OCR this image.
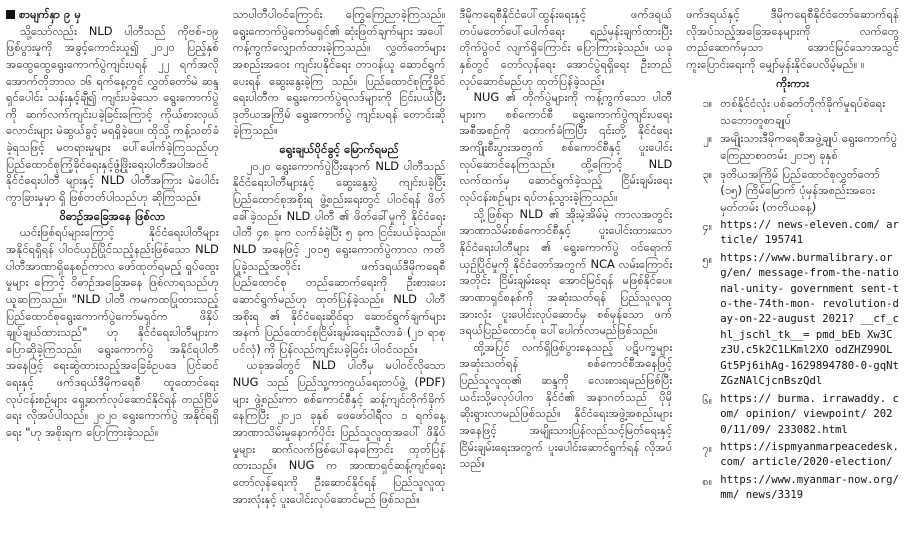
စာမျက်နှာ ၉ မှ

သို့သော်လည်း NLD ပါတီသည် ကိုဗစ်-၁၉ ဖြစ်ပွားမှုကို အခွင့်ကောင်းယူ၍ ၂၀၂၀ ပြည့်နှစ် အထွေထွေရွေးကောက်ပွဲကျင်းပရန် ၂၂ ရက်အလို အောက်တိုဘာလ ၁၆ ရက်နေ့တွင် လွှတ်တော်မဲ ဆန္ဒရှင်ပေါင်း သန်းနှင့်ချီ၍ ကျင်းပခဲ့သော ရွေးကောက်ပွဲကို ဆက်လက်ကျင်းပခဲ့ခြင်းကြောင့် ကိုယ်စားလှယ်လောင်းများ မဲဆွယ်ခွင့် မရရှိခဲ့ပေ။ ထိုသို့ ကန့်သတ်ခံခဲ့ရသဖြင့် မတရားမှုများ ပေါ်ပေါက်ခဲ့ကြသည်ဟု ပြည်ထောင်စုကြံ့ခိုင်ရေးနှင့်ဖွံ့ဖြိုးရေးပါတီအပါအဝင် နိုင်ငံရေးပါတီ များနှင့် NLD ပါတီအကြား မဲပေါင်း ကွာခြားမှုမှာ ရှိ ဖြစ်တတ်ပါသည်ဟု ဆိုကြသည်။

ဝိဓာဉ်အခြေအနေ ဖြစ်လာ

ယင်းဖြစ်ရပ်များကြောင့် နိုင်ငံရေးပါတီများ အနိုင်ရရှိရန် ပါဝင်ယှဉ်ပြိုင်သည့်နည်းဖြစ်သော NLD ပါတီအာဏာရှိနေစဉ်ကာလ ဖော်ထုတ်ရမည့် ရှုပ်ထွေးမှုများ ကြောင့် ဝိဓာဉ်အခြေအနေ ဖြစ်လာရသည်ဟု ယူဆကြသည်။ "NLD ပါတီ ကမကထပြုထားသည့် ပြည်ထောင်စုရွေးကောက်ပွဲကော်မရှင်က ဖိနှိပ်ချုပ်ချယ်ထားသည်" ဟု နိုင်ငံရေးပါတီများက ပြောဆိုခဲ့ကြသည်။ ရွေးကောက်ပွဲ အနိုင်ရပါတီအနေဖြင့် ရေးဆွဲထားသည့်အခြေခံဥပဒေ ပြင်ဆင်ရေးနှင့် ဖက်ဒရယ်ဒီမိုကရေစီ ထူထောင်ရေးလုပ်ငန်းစဉ်များ ရှေ့ဆက်လုပ်ဆောင်နိုင်ရန် တည်ငြိမ်ရေး လိုအပ်ပါသည်။ ၂၀၂၀ ရွေးကောက်ပွဲ အနိုင်ရရှိရေး "ဟု အစိုးရက ပြောကြားခဲ့သည်။

သာပါတီပါဝင်ကြောင်း ကြွေကြေညာခဲ့ကြသည်။ ရွေးကောက်ပွဲကော်မရှင်၏ ဆုံးဖြတ်ချက်များ အပေါ် ကန့်ကွက်လျှောက်ထားခဲ့ကြသည်။ လွှတ်တော်များ အစည်းအဝေး ကျင်းပနိုင်ရေး တာဝန်ယူ ဆောင်ရွက်ပေးရန် ဆွေးနွေးခဲ့ကြ သည်။ ပြည်ထောင်စုကြံ့ခိုင်ရေးပါတီက ရွေးကောက်ပွဲရလဒ်များကို ငြင်းပယ်ပြီး ဒုတိယအကြိမ် ရွေးကောက်ပွဲ ကျင်းပရန် တောင်းဆိုခဲ့ကြသည်။

ရွေးချယ်ပိုင်ခွင့် မြောက်ရမည်

၂၀၂၀ ရွေးကောက်ပွဲပြီးနောက် NLD ပါတီသည် နိုင်ငံရေးပါတီများနှင့် ဆွေးနွေးပွဲ ကျင်းပခဲ့ပြီး ပြည်ထောင်စုအစိုးရ ဖွဲ့စည်းရေးတွင် ပါဝင်ရန် ဖိတ်ခေါ်ခဲ့သည်။ NLD ပါတီ ၏ ဖိတ်ခေါ်မှုကို နိုင်ငံရေးပါတီ ၄၈ ခုက လက်ခံခဲ့ပြီး ၅ ခုက ငြင်းပယ်ခဲ့သည်။ NLD အနေဖြင့် ၂၀၁၅ ရွေးကောက်ပွဲကာလ ကတိပြုခဲ့သည့်အတိုင်း ဖက်ဒရယ်ဒီမိုကရေစီ ပြည်ထောင်စု တည်ဆောက်ရေးကို ဦးစားပေး ဆောင်ရွက်မည်ဟု ထုတ်ပြန်ခဲ့သည်။ NLD ပါတီ အစိုးရ ၏ နိုင်ငံရေးဆိုင်ရာ ဆောင်ရွက်ချက်များအနက် ပြည်ထောင်စုငြိမ်းချမ်းရေးညီလာခံ (၂၁ ရာစုပင်လုံ) ကို ပြန်လည်ကျင်းပခဲ့ခြင်း ပါဝင်သည်။

ယခုအခါတွင် NLD ပါတီမှ မပါဝင်လိုသော NUG သည် ပြည်သူ့ကာကွယ်ရေးတပ်ဖွဲ့ (PDF) များ ဖွဲ့စည်းကာ စစ်ကောင်စီနှင့် ဆန့်ကျင်တိုက်ခိုက်နေကြပြီး ၂၀၂၁ ခုနှစ် ဖေဖော်ဝါရီလ ၁ ရက်နေ့ အာဏာသိမ်းမှုနောက်ပိုင်း ပြည်သူလူထုအပေါ် ဖိနှိပ်မှုများ ဆက်လက်ဖြစ်ပေါ်နေကြောင်း ထုတ်ပြန်ထားသည်။ NUG က အာဏာရှင်ဆန့်ကျင်ရေး တော်လှန်ရေးကို ဦးဆောင်နိုင်ရန် ပြည်သူလူထုအားလုံးနှင့် ပူးပေါင်းလုပ်ဆောင်မည် ဖြစ်သည်။

ဒီမိုကရေစီနိုင်ငံပေါ်ထွန်းရေးနှင့် ဖက်ဒရယ် တပ်မတော်ပေါ်ပေါက်ရေး ရည်မှန်းချက်ထားပြီး တိုက်ပွဲဝင် လျက်ရှိကြောင်း ပြောကြားခဲ့သည်။ ယခုနှစ်တွင် တော်လှန်ရေး အောင်ပွဲရရှိရေး ဦးတည် လုပ်ဆောင်မည်ဟု ထုတ်ပြန်ခဲ့သည်။

NUG ၏ တိုက်ပွဲများကို ကန့်ကွက်သော ပါတီများက စစ်ကောင်စီ ရွေးကောက်ပွဲကျင်းပရေး အစီအစဉ်ကို ထောက်ခံကြပြီး ၎င်းတို့ နိုင်ငံရေး အကျိုးစီးပွားအတွက် စစ်ကောင်စီနှင့် ပူးပေါင်းလုပ်ဆောင်နေကြသည်။ ထို့ကြောင့် NLD လက်ထက်မှ ဆောင်ရွက်ခဲ့သည့် ငြိမ်းချမ်းရေးလုပ်ငန်းစဉ်များ ရပ်တန့်သွားခဲ့ကြသည်။

သို့ဖြစ်ရာ NLD ၏ အိုးမဲ့အိမ်မဲ့ ကာလအတွင်း အာဏာသိမ်းစစ်ကောင်စီနှင့် ပူးပေါင်းထားသော နိုင်ငံရေးပါတီများ ၏ ရွေးကောက်ပွဲ ဝင်ရောက်ယှဉ်ပြိုင်မှုကို နိုင်ငံတော်အတွက် NCA လမ်းကြောင်းအတိုင်း ငြိမ်းချမ်းရေး အောင်မြင်ရန် မဖြစ်နိုင်ပေ။ အာဏာရှင်စနစ်ကို အဆုံးသတ်ရန် ပြည်သူလူထုအားလုံး ပူးပေါင်းလုပ်ဆောင်မှ စစ်မှန်သော ဖက်ဒရယ်ပြည်ထောင်စု ပေါ်ပေါက်လာမည်ဖြစ်သည်။

ထို့အပြင် လက်ရှိဖြစ်ပွားနေသည့် ပဋိပက္ခများ အဆုံးသတ်ရန် စစ်ကောင်စီအနေဖြင့် ပြည်သူလူထု၏ ဆန္ဒကို လေးစားရမည်ဖြစ်ပြီး ယင်းသို့မလုပ်ပါက နိုင်ငံ၏ အနာဂတ်သည် ပိုမိုဆိုးရွားလာမည်ဖြစ်သည်။ နိုင်ငံရေးအဖွဲ့အစည်းများ အနေဖြင့် အမျိုးသားပြန်လည်သင့်မြတ်ရေးနှင့် ငြိမ်းချမ်းရေးအတွက် ပူးပေါင်းဆောင်ရွက်ရန် လိုအပ်သည်။

ဖက်ဒရယ်နှင့် ဒီမိုကရေစီနိုင်ငံတော်ဆောက်ရန် လိုအပ်သည့်အခြေအနေများကို လက်တွေ့ တည်ဆောက်မှသာ အောင်မြင်သောအသွင် ကူးပြောင်းရေးကို မျှော်မှန်းနိုင်ပေလိမ့်မည်။ ။

ကိုးကား
၁။ တစ်နိုင်ငံလုံး ပစ်ခတ်တိုက်ခိုက်မှုရပ်စဲရေး သဘောတူစာချုပ်
၂။ အမျိုးသားဒီမိုကရေစီအဖွဲ့ချုပ် ရွေးကောက်ပွဲ ကြေညာစာတမ်း ၂၀၁၅ ခုနှစ်
၃။ ဒုတိယအကြိမ် ပြည်ထောင်စုလွှတ်တော် (၁၅) ကြိမ်မြောက် ပုံမှန်အစည်းအဝေး မှတ်တမ်း (တတိယနေ့)
၄။ https:// news-eleven.com/ article/ 195741
၅။ https://www.burmalibrary.org/en/ message-from-the-national-unity- government sent-to-the-74th-mon- revolution-day-on-22-august 2021? __cf_chl_jschl_tk__= pmd_bEb Xw3C z3U.c5k2C1LKml2XO odZHZ99OL Gt5Pj6ihAg-1629894780-0-gqNt ZGzNAlCjcnBszQdl
၆။ https:// burma. irrawaddy. com/ opinion/ viewpoint/ 2020/11/09/ 233082.html
၇။ https://ispmyanmarpeacedesk.com/ article/2020-election/
၈။ https://www.myanmar-now.org/mm/ news/3319
